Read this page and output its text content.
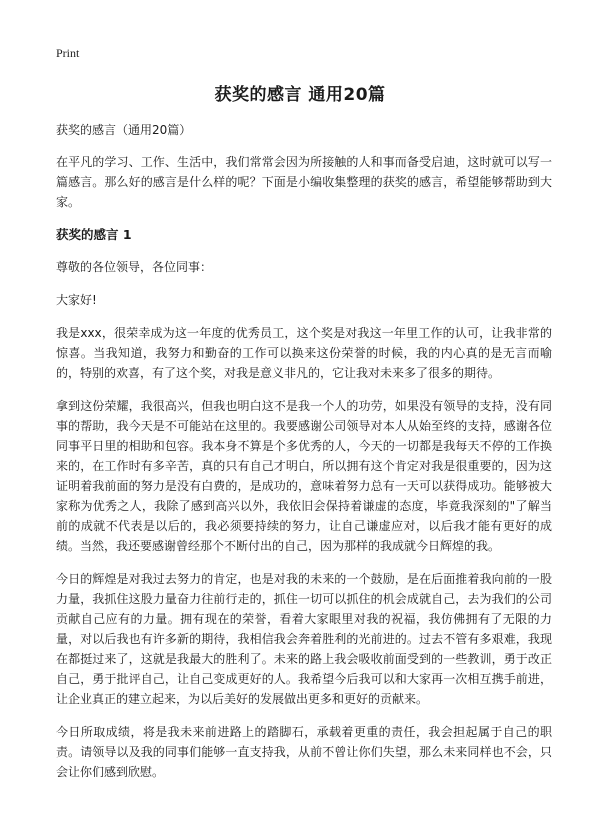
Print
获奖的感言 通用20篇

获奖的感言（通用20篇）

在平凡的学习、工作、生活中，我们常常会因为所接触的人和事而备受启迪，这时就可以写一篇感言。那么好的感言是什么样的呢？下面是小编收集整理的获奖的感言，希望能够帮助到大家。

获奖的感言 1

尊敬的各位领导，各位同事：

大家好!

我是xxx，很荣幸成为这一年度的优秀员工，这个奖是对我这一年里工作的认可，让我非常的惊喜。当我知道，我努力和勤奋的工作可以换来这份荣誉的时候，我的内心真的是无言而喻的，特别的欢喜，有了这个奖，对我是意义非凡的，它让我对未来多了很多的期待。

拿到这份荣耀，我很高兴，但我也明白这不是我一个人的功劳，如果没有领导的支持，没有同事的帮助，我今天是不可能站在这里的。我要感谢公司领导对本人从始至终的支持，感谢各位同事平日里的相助和包容。我本身不算是个多优秀的人，今天的一切都是我每天不停的工作换来的，在工作时有多辛苦，真的只有自己才明白，所以拥有这个肯定对我是很重要的，因为这证明着我前面的努力是没有白费的，是成功的，意味着努力总有一天可以获得成功。能够被大家称为优秀之人，我除了感到高兴以外，我依旧会保持着谦虚的态度，毕竟我深刻的"了解当前的成就不代表是以后的，我必须要持续的努力，让自己谦虚应对，以后我才能有更好的成绩。当然，我还要感谢曾经那个不断付出的自己，因为那样的我成就今日辉煌的我。

今日的辉煌是对我过去努力的肯定，也是对我的未来的一个鼓励，是在后面推着我向前的一股力量，我抓住这股力量奋力往前行走的，抓住一切可以抓住的机会成就自己，去为我们的公司贡献自己应有的力量。拥有现在的荣誉，看着大家眼里对我的祝福，我仿佛拥有了无限的力量，对以后我也有许多新的期待，我相信我会奔着胜利的光前进的。过去不管有多艰难，我现在都挺过来了，这就是我最大的胜利了。未来的路上我会吸收前面受到的一些教训，勇于改正自己，勇于批评自己，让自己变成更好的人。我希望今后我可以和大家再一次相互携手前进，让企业真正的建立起来，为以后美好的发展做出更多和更好的贡献来。

今日所取成绩，将是我未来前进路上的踏脚石，承载着更重的责任，我会担起属于自己的职责。请领导以及我的同事们能够一直支持我，从前不曾让你们失望，那么未来同样也不会，只会让你们感到欣慰。
